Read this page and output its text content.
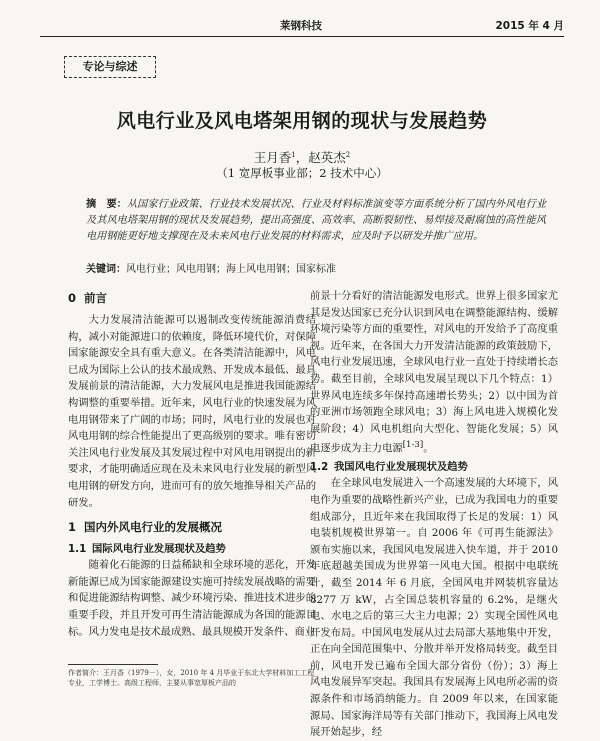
莱钢科技	2015 年 4 月
专论与综述
风电行业及风电塔架用钢的现状与发展趋势
王月香$^1$，赵英杰$^2$
（1 宽厚板事业部；2 技术中心）
摘　要：从国家行业政策、行业技术发展状况、行业及材料标准演变等方面系统分析了国内外风电行业及其风电塔架用钢的现状及发展趋势，提出高强度、高效率、高断裂韧性、易焊接及耐腐蚀的高性能风电用钢能更好地支撑现在及未来风电行业发展的材料需求，应及时予以研发并推广应用。
关键词：风电行业；风电用钢；海上风电用钢；国家标准
0 前言
大力发展清洁能源可以遏制改变传统能源消费结构，减小对能源进口的依赖度，降低环境代价，对保障国家能源安全具有重大意义。在各类清洁能源中，风电已成为国际上公认的技术最成熟、开发成本最低、最具发展前景的清洁能源，大力发展风电是推进我国能源结构调整的重要举措。近年来，风电行业的快速发展为风电用钢带来了广阔的市场；同时，风电行业的发展也对风电用钢的综合性能提出了更高级别的要求。唯有密切关注风电行业发展及其发展过程中对风电用钢提出的新要求，才能明确适应现在及未来风电行业发展的新型风电用钢的研发方向，进而可有的放矢地推导相关产品的研发。
1 国内外风电行业的发展概况
1.1 国际风电行业发展现状及趋势
随着化石能源的日益稀缺和全球环境的恶化，开发新能源已成为国家能源建设实施可持续发展战略的需要和促进能源结构调整、减少环境污染、推进技术进步的重要手段，并且开发可再生清洁能源成为各国的能源目标。风力发电是技术最成熟、最具规模开发条件、商业
前景十分看好的清洁能源发电形式。世界上很多国家尤其是发达国家已充分认识到风电在调整能源结构、缓解环境污染等方面的重要性，对风电的开发给予了高度重视。近年来，在各国大力开发清洁能源的政策鼓励下，风电行业发展迅速，全球风电行业一直处于持续增长态势。截至目前，全球风电发展呈现以下几个特点：1）世界风电连续多年保持高速增长势头；2）以中国为首的亚洲市场领跑全球风电；3）海上风电进入规模化发展阶段；4）风电机组向大型化、智能化发展；5）风电逐步成为主力电源[1-3]。
1.2 我国风电行业发展现状及趋势
在全球风电发展进入一个高速发展的大环境下，风电作为重要的战略性新兴产业，已成为我国电力的重要组成部分，且近年来在我国取得了长足的发展：1）风电装机规模世界第一。自 2006 年《可再生能源法》颁布实施以来，我国风电发展进入快车道，并于 2010 年底超越美国成为世界第一风电大国。根据中电联统计，截至 2014 年 6 月底，全国风电并网装机容量达 8277 万 kW，占全国总装机容量的 6.2%，是继火电、水电之后的第三大主力电源；2）实现全国性风电开发布局。中国风电发展从过去局部大基地集中开发，正在向全国范围集中、分散并举开发格局转变。截至目前，风电开发已遍布全国大部分省份（份）；3）海上风电发展异军突起。我国具有发展海上风电所必需的资源条件和市场消纳能力。自 2009 年以来，在国家能源局、国家海洋局等有关部门推动下，我国海上风电发展开始起步，经
作者简介：王月香（1979－），女，2010 年 4 月毕业于东北大学材料加工工程专业，工学博士。高级工程师，主要从事宽厚板产品的
